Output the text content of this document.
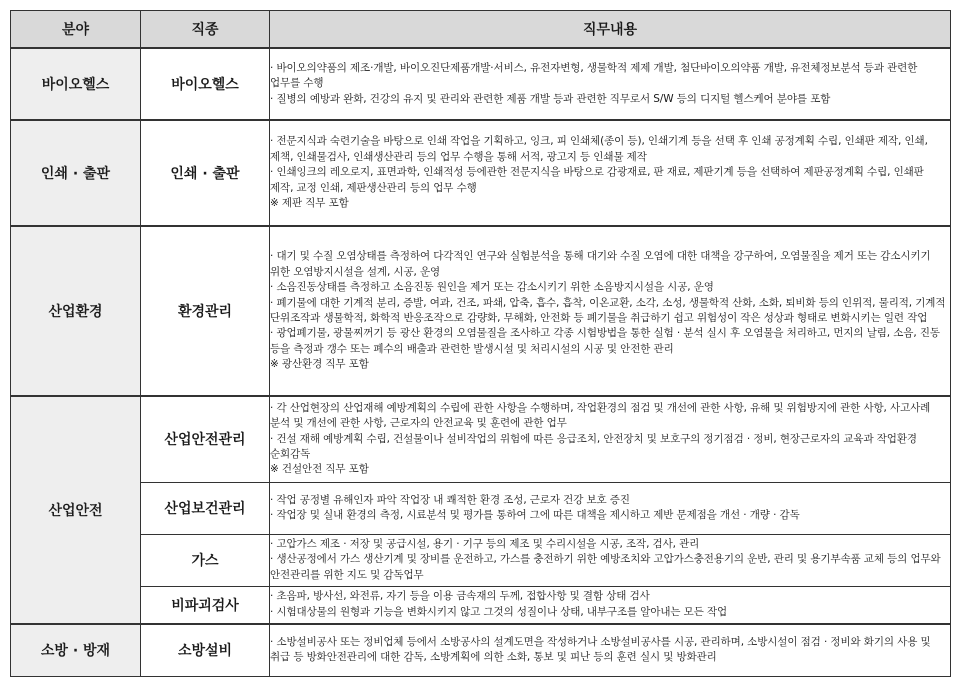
분야	직종	직무내용
바이오헬스	바이오헬스	· 바이오의약품의 제조·개발, 바이오진단제품개발·서비스, 유전자변형, 생물학적 제제 개발, 첨단바이오의약품 개발, 유전체정보분석 등과 관련한 업무를 수행
· 질병의 예방과 완화, 건강의 유지 및 관리와 관련한 제품 개발 등과 관련한 직무로서 S/W 등의 디지털 헬스케어 분야를 포함

인쇄 · 출판	인쇄 · 출판	· 전문지식과 숙련기술을 바탕으로 인쇄 작업을 기획하고, 잉크, 피 인쇄체(종이 등), 인쇄기계 등을 선택 후 인쇄 공정계획 수립, 인쇄판 제작, 인쇄, 제책, 인쇄물검사, 인쇄생산관리 등의 업무 수행을 통해 서적, 광고지 등 인쇄물 제작
· 인쇄잉크의 레오로지, 표면과학, 인쇄적성 등에관한 전문지식을 바탕으로 감광재료, 판 재료, 제판기계 등을 선택하여 제판공정계획 수립, 인쇄판 제작, 교정 인쇄, 제판생산관리 등의 업무 수행
※ 제판 직무 포함

산업환경	환경관리	· 대기 및 수질 오염상태를 측정하여 다각적인 연구와 실험분석을 통해 대기와 수질 오염에 대한 대책을 강구하여, 오염물질을 제거 또는 감소시키기 위한 오염방지시설을 설계, 시공, 운영
· 소음진동상태를 측정하고 소음진동 원인을 제거 또는 감소시키기 위한 소음방지시설을 시공, 운영
· 폐기물에 대한 기계적 분리, 증발, 여과, 건조, 파쇄, 압축, 흡수, 흡착, 이온교환, 소각, 소성, 생물학적 산화, 소화, 퇴비화 등의 인위적, 물리적, 기계적 단위조작과 생물학적, 화학적 반응조작으로 감량화, 무해화, 안전화 등 폐기물을 취급하기 쉽고 위험성이 작은 성상과 형태로 변화시키는 일련 작업
· 광업폐기물, 광물찌꺼기 등 광산 환경의 오염물질을 조사하고 각종 시험방법을 통한 실험 · 분석 실시 후 오염물을 처리하고, 먼지의 날림, 소음, 진동 등을 측정과 갱수 또는 폐수의 배출과 관련한 발생시설 및 처리시설의 시공 및 안전한 관리
※ 광산환경 직무 포함

산업안전	산업안전관리	· 각 산업현장의 산업재해 예방계획의 수립에 관한 사항을 수행하며, 작업환경의 점검 및 개선에 관한 사항, 유해 및 위험방지에 관한 사항, 사고사례 분석 및 개선에 관한 사항, 근로자의 안전교육 및 훈련에 관한 업무
· 건설 재해 예방계획 수립, 건설물이나 설비작업의 위험에 따른 응급조치, 안전장치 및 보호구의 정기점검 · 정비, 현장근로자의 교육과 작업환경 순회감독
※ 건설안전 직무 포함

	산업보건관리	· 작업 공정별 유해인자 파악 작업장 내 쾌적한 환경 조성, 근로자 건강 보호 증진
· 작업장 및 실내 환경의 측정, 시료분석 및 평가를 통하여 그에 따른 대책을 제시하고 제반 문제점을 개선 · 개량 · 감독

	가스	· 고압가스 제조 · 저장 및 공급시설, 용기 · 기구 등의 제조 및 수리시설을 시공, 조작, 검사, 관리
· 생산공정에서 가스 생산기계 및 장비를 운전하고, 가스를 충전하기 위한 예방조치와 고압가스충전용기의 운반, 관리 및 용기부속품 교체 등의 업무와 안전관리를 위한 지도 및 감독업무

	비파괴검사	· 초음파, 방사선, 와전류, 자기 등을 이용 금속재의 두께, 접합사항 및 결함 상태 검사
· 시험대상물의 원형과 기능을 변화시키지 않고 그것의 성질이나 상태, 내부구조를 알아내는 모든 작업

소방 · 방재	소방설비	· 소방설비공사 또는 정비업체 등에서 소방공사의 설계도면을 작성하거나 소방설비공사를 시공, 관리하며, 소방시설이 점검 · 정비와 화기의 사용 및 취급 등 방화안전관리에 대한 감독, 소방계획에 의한 소화, 통보 및 피난 등의 훈련 실시 및 방화관리
